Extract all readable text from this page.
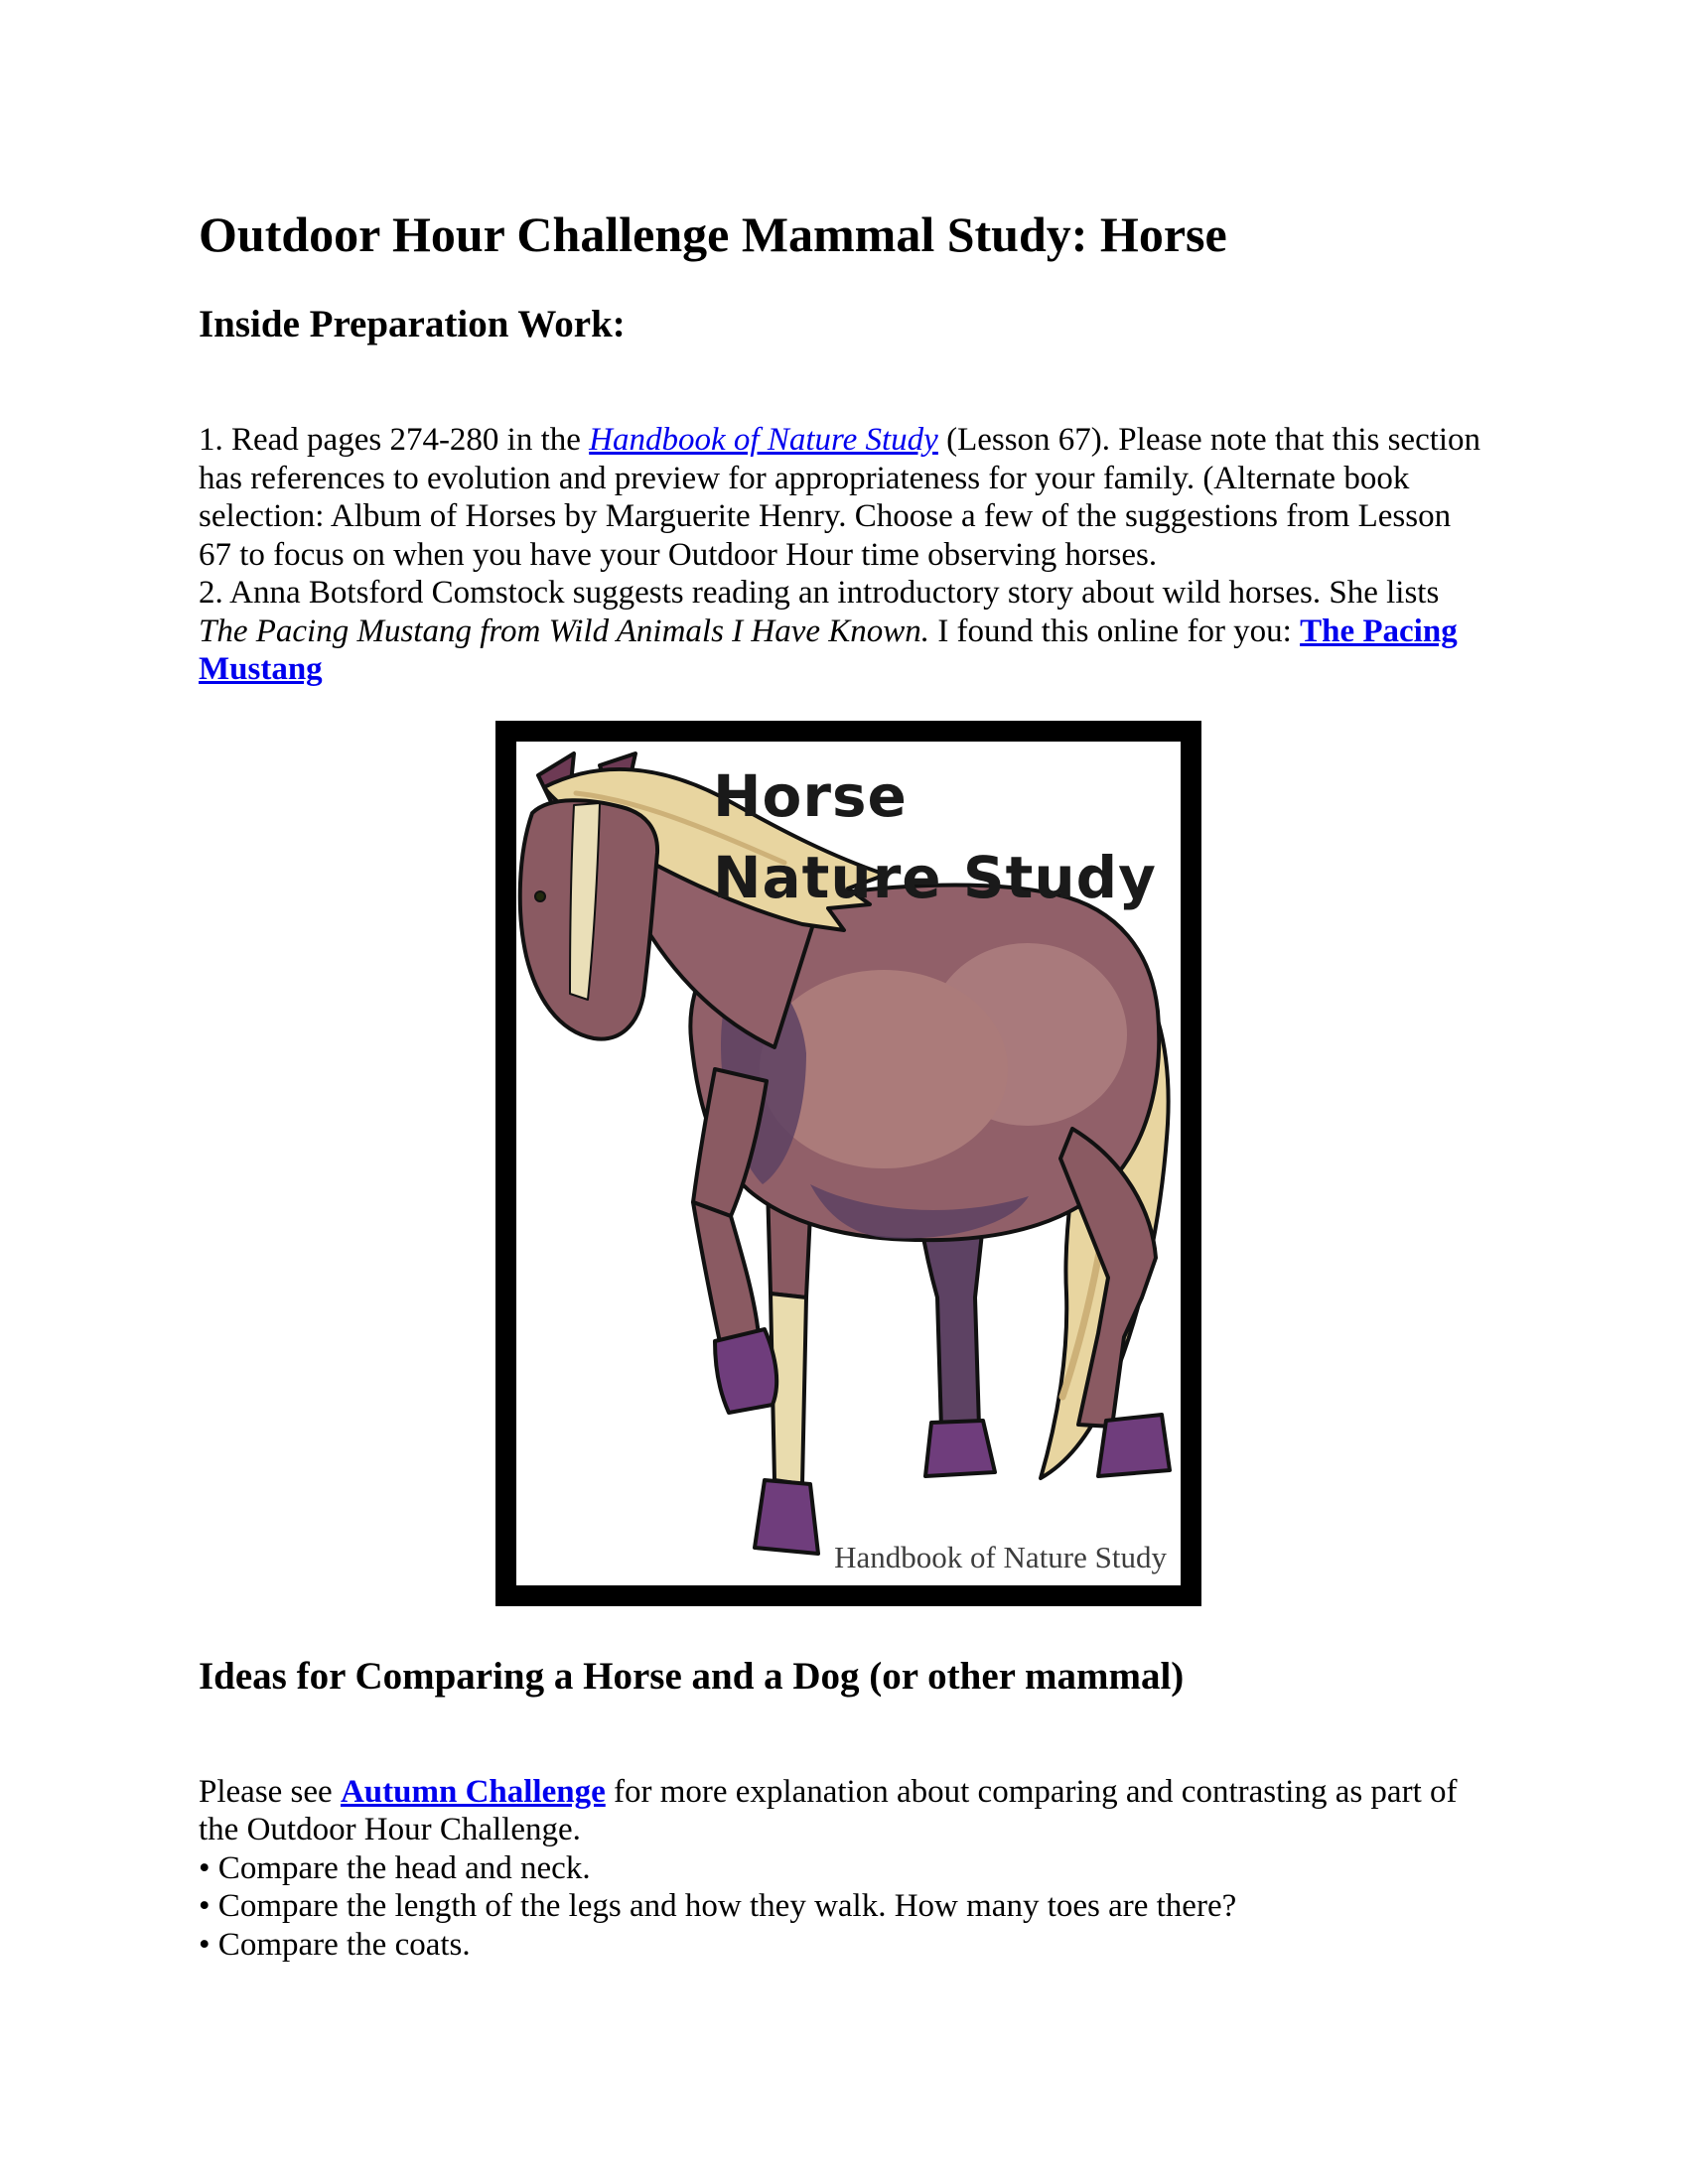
Outdoor Hour Challenge Mammal Study: Horse
Inside Preparation Work:

1. Read pages 274-280 in the Handbook of Nature Study (Lesson 67). Please note that this section has references to evolution and preview for appropriateness for your family. (Alternate book selection: Album of Horses by Marguerite Henry. Choose a few of the suggestions from Lesson 67 to focus on when you have your Outdoor Hour time observing horses.
2. Anna Botsford Comstock suggests reading an introductory story about wild horses. She lists The Pacing Mustang from Wild Animals I Have Known. I found this online for you: The Pacing Mustang

Horse
Nature Study
Handbook of Nature Study
Ideas for Comparing a Horse and a Dog (or other mammal)

Please see Autumn Challenge for more explanation about comparing and contrasting as part of the Outdoor Hour Challenge.
• Compare the head and neck.
• Compare the length of the legs and how they walk. How many toes are there?
• Compare the coats.
